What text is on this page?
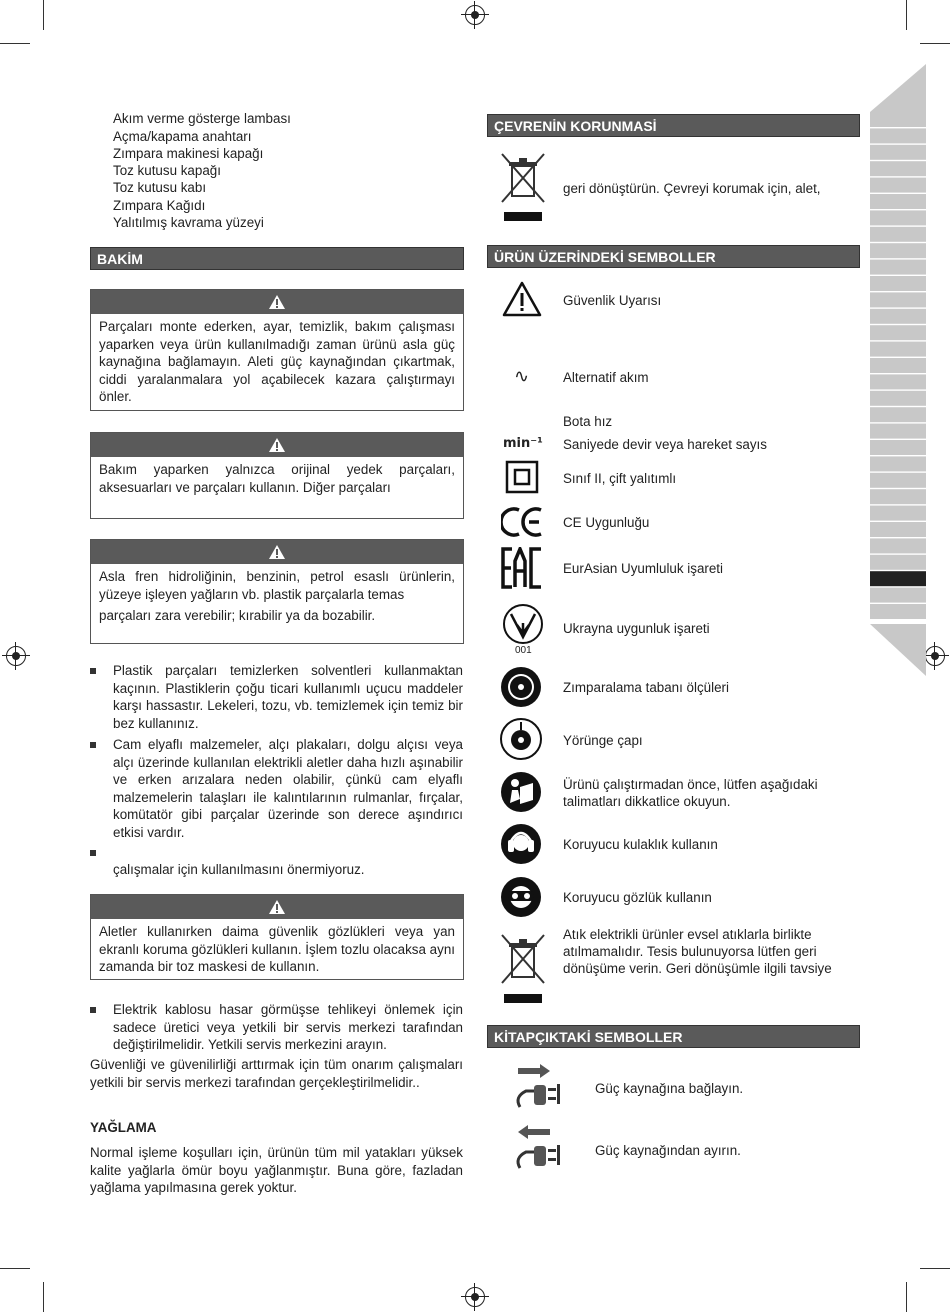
Akım verme gösterge lambası
Açma/kapama anahtarı
Zımpara makinesi kapağı
Toz kutusu kapağı
Toz kutusu kabı
Zımpara Kağıdı
Yalıtılmış kavrama yüzeyi
BAKİM
Parçaları monte ederken, ayar, temizlik, bakım çalışması yaparken veya ürün kullanılmadığı zaman ürünü asla güç kaynağına bağlamayın. Aleti güç kaynağından çıkartmak, ciddi yaralanmalara yol açabilecek kazara çalıştırmayı önler.
Bakım yaparken yalnızca orijinal yedek parçaları, aksesuarları ve parçaları kullanın. Diğer parçaları
Asla fren hidroliğinin, benzinin, petrol esaslı ürünlerin, yüzeye işleyen yağların vb. plastik parçalarla temas
parçaları zara verebilir; kırabilir ya da bozabilir.
Plastik parçaları temizlerken solventleri kullanmaktan kaçının. Plastiklerin çoğu ticari kullanımlı uçucu maddeler karşı hassastır. Lekeleri, tozu, vb. temizlemek için temiz bir bez kullanınız.
Cam elyaflı malzemeler, alçı plakaları, dolgu alçısı veya alçı üzerinde kullanılan elektrikli aletler daha hızlı aşınabilir ve erken arızalara neden olabilir, çünkü cam elyaflı malzemelerin talaşları ile kalıntılarının rulmanlar, fırçalar, komütatör gibi parçalar üzerinde son derece aşındırıcı etkisi vardır.
çalışmalar için kullanılmasını önermiyoruz.
Aletler kullanırken daima güvenlik gözlükleri veya yan ekranlı koruma gözlükleri kullanın. İşlem tozlu olacaksa aynı zamanda bir toz maskesi de kullanın.
Elektrik kablosu hasar görmüşse tehlikeyi önlemek için sadece üretici veya yetkili bir servis merkezi tarafından değiştirilmelidir. Yetkili servis merkezini arayın.
Güvenliği ve güvenilirliği arttırmak için tüm onarım çalışmaları yetkili bir servis merkezi tarafından gerçekleştirilmelidir..
YAĞLAMA
Normal işleme koşulları için, ürünün tüm mil yatakları yüksek kalite yağlarla ömür boyu yağlanmıştır. Buna göre, fazladan yağlama yapılmasına gerek yoktur.
ÇEVRENİN KORUNMASİ
geri dönüştürün. Çevreyi korumak için, alet,
ÜRÜN ÜZERİNDEKİ SEMBOLLER
Güvenlik Uyarısı
∿	Alternatif akım
Bota hız
min⁻¹ Saniyede devir veya hareket sayıs
Sınıf II, çift yalıtımlı
CE Uygunluğu
EurAsian Uyumluluk işareti
001
Ukrayna uygunluk işareti
Zımparalama tabanı ölçüleri
Yörünge çapı
Ürünü çalıştırmadan önce, lütfen aşağıdaki talimatları dikkatlice okuyun.
Koruyucu kulaklık kullanın
Koruyucu gözlük kullanın
Atık elektrikli ürünler evsel atıklarla birlikte atılmamalıdır. Tesis bulunuyorsa lütfen geri dönüşüme verin. Geri dönüşümle ilgili tavsiye
KİTAPÇIKTAKİ SEMBOLLER
Güç kaynağına bağlayın.
Güç kaynağından ayırın.
